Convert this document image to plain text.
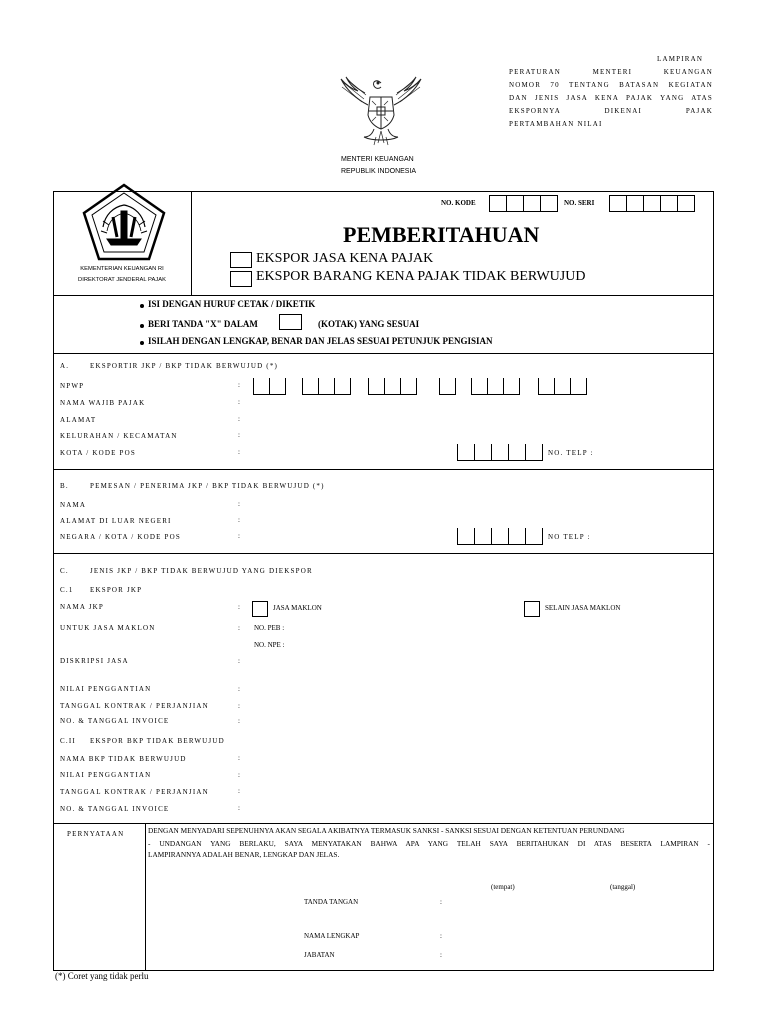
LAMPIRAN
PERATURAN MENTERI KEUANGAN
NOMOR 70 TENTANG BATASAN KEGIATAN
DAN JENIS JASA KENA PAJAK YANG ATAS
EKSPORNYA DIKENAI PAJAK
PERTAMBAHAN NILAI
MENTERI KEUANGAN
REPUBLIK INDONESIA
KEMENTERIAN KEUANGAN RI
DIREKTORAT JENDERAL PAJAK
NO. KODE	NO. SERI
PEMBERITAHUAN
EKSPOR JASA KENA PAJAK
EKSPOR BARANG KENA PAJAK TIDAK BERWUJUD
ISI DENGAN HURUF CETAK / DIKETIK
BERI TANDA "X" DALAM	(KOTAK) YANG SESUAI
ISILAH DENGAN LENGKAP, BENAR DAN JELAS SESUAI PETUNJUK PENGISIAN
A.	EKSPORTIR JKP / BKP TIDAK BERWUJUD (*)
NPWP	:
NAMA WAJIB PAJAK	:
ALAMAT	:
KELURAHAN / KECAMATAN	:
KOTA / KODE POS	:	NO. TELP :
B.	PEMESAN / PENERIMA JKP / BKP TIDAK BERWUJUD (*)
NAMA	:
ALAMAT DI LUAR NEGERI	:
NEGARA / KOTA / KODE POS	:	NO TELP :
C.	JENIS JKP / BKP TIDAK BERWUJUD YANG DIEKSPOR
C.1 EKSPOR JKP
NAMA JKP	:	JASA MAKLON	SELAIN JASA MAKLON
UNTUK JASA MAKLON	: NO. PEB :
NO. NPE :
DISKRIPSI JASA	:
NILAI PENGGANTIAN	:
TANGGAL KONTRAK / PERJANJIAN	:
NO. & TANGGAL INVOICE	:
C.II EKSPOR BKP TIDAK BERWUJUD
NAMA BKP TIDAK BERWUJUD	:
NILAI PENGGANTIAN	:
TANGGAL KONTRAK / PERJANJIAN	:
NO. & TANGGAL INVOICE	:
PERNYATAAN	DENGAN MENYADARI SEPENUHNYA AKAN SEGALA AKIBATNYA TERMASUK SANKSI - SANKSI SESUAI DENGAN KETENTUAN PERUNDANG
- UNDANGAN YANG BERLAKU, SAYA MENYATAKAN BAHWA APA YANG TELAH SAYA BERITAHUKAN DI ATAS BESERTA LAMPIRAN -
LAMPIRANNYA ADALAH BENAR, LENGKAP DAN JELAS.
(tempat)	(tanggal)
TANDA TANGAN	:
NAMA LENGKAP	:
JABATAN	:
(*) Coret yang tidak perlu
